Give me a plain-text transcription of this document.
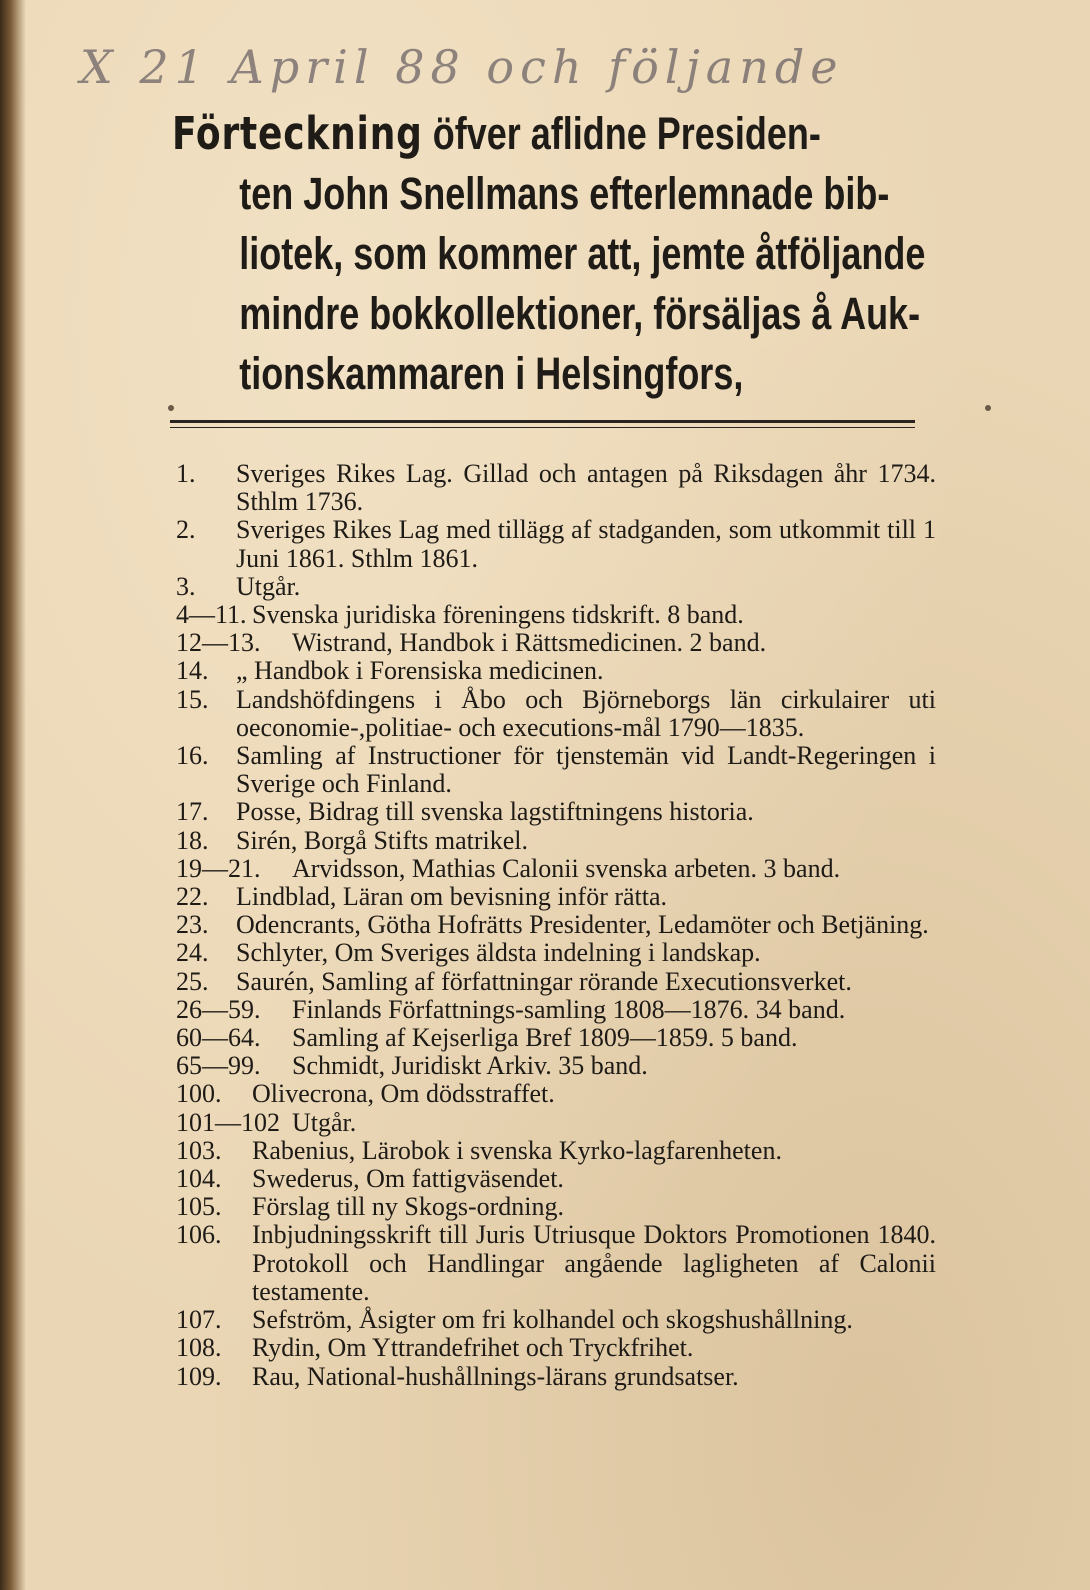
X 21 April 88 och följande
Förteckning öfver aflidne Presiden-
ten John Snellmans efterlemnade bib-
liotek, som kommer att, jemte åtföljande
mindre bokkollektioner, försäljas å Auk-
tionskammaren i Helsingfors,
1.	Sveriges Rikes Lag. Gillad och antagen på Riksdagen åhr 1734. Sthlm 1736.
2.	Sveriges Rikes Lag med tillägg af stadganden, som utkommit till 1 Juni 1861. Sthlm 1861.
3.	Utgår.
4—11. Svenska juridiska föreningens tidskrift. 8 band.
12—13.	Wistrand, Handbok i Rättsmedicinen. 2 band.
14.	„ Handbok i Forensiska medicinen.
15.	Landshöfdingens i Åbo och Björneborgs län cirkulairer uti oeconomie-,politiae- och executions-mål 1790—1835.
16.	Samling af Instructioner för tjenstemän vid Landt-Regeringen i Sverige och Finland.
17.	Posse, Bidrag till svenska lagstiftningens historia.
18.	Sirén, Borgå Stifts matrikel.
19—21.	Arvidsson, Mathias Calonii svenska arbeten. 3 band.
22.	Lindblad, Läran om bevisning inför rätta.
23.	Odencrants, Götha Hofrätts Presidenter, Ledamöter och Betjäning.
24.	Schlyter, Om Sveriges äldsta indelning i landskap.
25.	Saurén, Samling af författningar rörande Executionsverket.
26—59.	Finlands Författnings-samling 1808—1876. 34 band.
60—64.	Samling af Kejserliga Bref 1809—1859. 5 band.
65—99.	Schmidt, Juridiskt Arkiv. 35 band.
100.	Olivecrona, Om dödsstraffet.
101—102 Utgår.
103.	Rabenius, Lärobok i svenska Kyrko-lagfarenheten.
104.	Swederus, Om fattigväsendet.
105.	Förslag till ny Skogs-ordning.
106.	Inbjudningsskrift till Juris Utriusque Doktors Promotionen 1840. Protokoll och Handlingar angående lagligheten af Calonii testamente.
107.	Sefström, Åsigter om fri kolhandel och skogshushållning.
108.	Rydin, Om Yttrandefrihet och Tryckfrihet.
109.	Rau, National-hushållnings-lärans grundsatser.
